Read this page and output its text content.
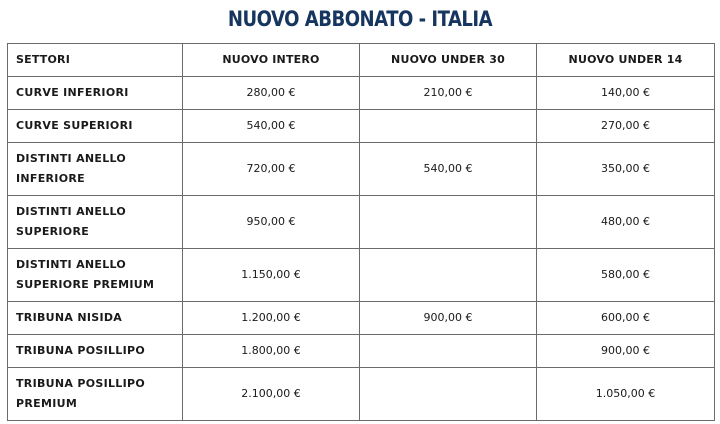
NUOVO ABBONATO - ITALIA
SETTORI	NUOVO INTERO	NUOVO UNDER 30	NUOVO UNDER 14
CURVE INFERIORI	280,00 €	210,00 €	140,00 €
CURVE SUPERIORI	540,00 €		270,00 €
DISTINTI ANELLO INFERIORE	720,00 €	540,00 €	350,00 €
DISTINTI ANELLO SUPERIORE	950,00 €		480,00 €
DISTINTI ANELLO SUPERIORE PREMIUM	1.150,00 €		580,00 €
TRIBUNA NISIDA	1.200,00 €	900,00 €	600,00 €
TRIBUNA POSILLIPO	1.800,00 €		900,00 €
TRIBUNA POSILLIPO PREMIUM	2.100,00 €		1.050,00 €
